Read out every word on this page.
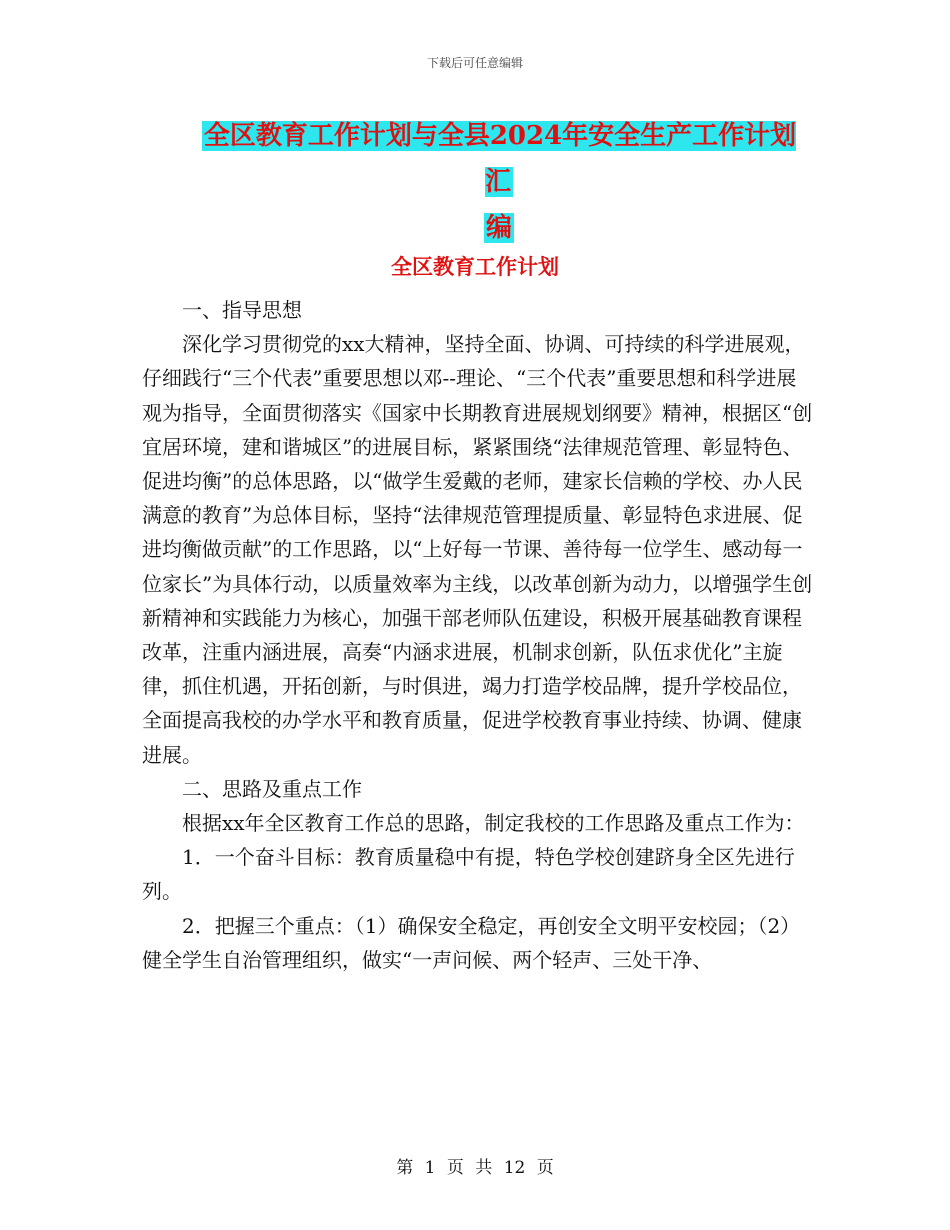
下载后可任意编辑
全区教育工作计划与全县2024年安全生产工作计划汇
编
全区教育工作计划

一、指导思想

深化学习贯彻党的xx大精神，坚持全面、协调、可持续的科学进展观，仔细践行“三个代表”重要思想以邓--理论、“三个代表”重要思想和科学进展观为指导，全面贯彻落实《国家中长期教育进展规划纲要》精神，根据区“创宜居环境，建和谐城区”的进展目标，紧紧围绕“法律规范管理、彰显特色、促进均衡”的总体思路，以“做学生爱戴的老师，建家长信赖的学校、办人民满意的教育”为总体目标，坚持“法律规范管理提质量、彰显特色求进展、促进均衡做贡献”的工作思路，以“上好每一节课、善待每一位学生、感动每一位家长”为具体行动，以质量效率为主线，以改革创新为动力，以增强学生创新精神和实践能力为核心，加强干部老师队伍建设，积极开展基础教育课程改革，注重内涵进展，高奏“内涵求进展，机制求创新，队伍求优化”主旋律，抓住机遇，开拓创新，与时俱进，竭力打造学校品牌，提升学校品位，全面提高我校的办学水平和教育质量，促进学校教育事业持续、协调、健康进展。

二、思路及重点工作

根据xx年全区教育工作总的思路，制定我校的工作思路及重点工作为：

1．一个奋斗目标：教育质量稳中有提，特色学校创建跻身全区先进行列。

2．把握三个重点：（1）确保安全稳定，再创安全文明平安校园；（2）健全学生自治管理组织，做实“一声问候、两个轻声、三处干净、

第 1 页 共 12 页
